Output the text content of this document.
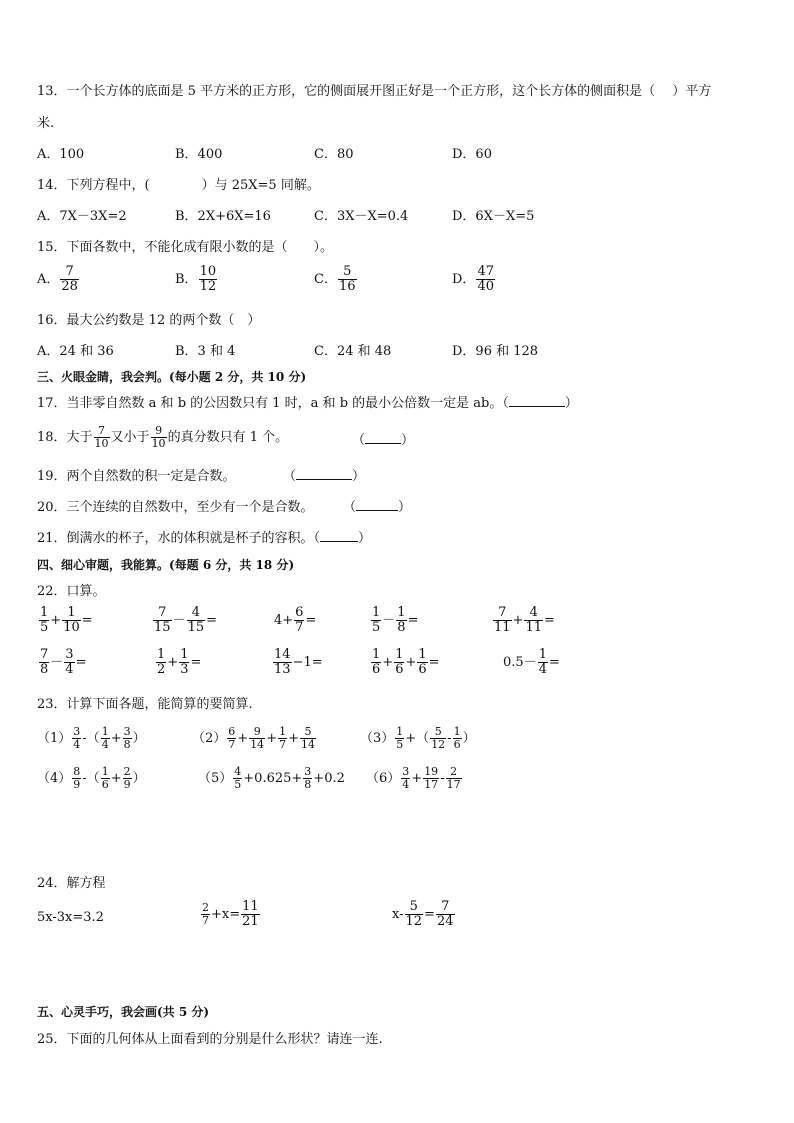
13．一个长方体的底面是 5 平方米的正方形，它的侧面展开图正好是一个正方形，这个长方体的侧面积是（　 ）平方
米.
A．100	B．400	C．80	D．60
14．下列方程中，(　　　　）与 25X=5 同解。
A．7X－3X=2	B．2X+6X=16	C．3X－X=0.4	D．6X－X=5
15．下面各数中，不能化成有限小数的是（　　）。
A． $\frac{7}{28}$	B． $\frac{10}{12}$	C． $\frac{5}{16}$	D． $\frac{47}{40}$
16．最大公约数是 12 的两个数（　）
A．24 和 36	B．3 和 4	C．24 和 48	D．96 和 128
三、火眼金睛，我会判。(每小题 2 分，共 10 分)
17．当非零自然数 a 和 b 的公因数只有 1 时，a 和 b 的最小公倍数一定是 ab。（	）
18．大于 $\frac{7}{10}$ 又小于 $\frac{9}{10}$ 的真分数只有 1 个。	（	）
19．两个自然数的积一定是合数。	（	）
20．三个连续的自然数中，至少有一个是合数。 （	）
21．倒满水的杯子，水的体积就是杯子的容积。（	）
四、细心审题，我能算。(每题 6 分，共 18 分)
22．口算。
$\frac{1}{5} + \frac{1}{10}$ =	$\frac{7}{15} - \frac{4}{15}$ =	$4+ \frac{6}{7}$ =	$\frac{1}{5} - \frac{1}{8}$ =	$\frac{7}{11} + \frac{4}{11}$ =
$\frac{7}{8} - \frac{3}{4}$ =	$\frac{1}{2} + \frac{1}{3}$ =	$\frac{14}{13} -1=$	$\frac{1}{6} + \frac{1}{6} + \frac{1}{6}$ =	$0.5- \frac{1}{4}$ =
23．计算下面各题，能简算的要简算.
$(1) \frac{3}{4}$ -（ $\frac{1}{4} + \frac{3}{8}$ ）	$(2) \frac{6}{7} + \frac{9}{14} + \frac{1}{7} + \frac{5}{14}$	$(3) \frac{1}{5}$ +（ $\frac{5}{12} - \frac{1}{6}$ ）
$(4) \frac{8}{9}$ -（ $\frac{1}{6} + \frac{2}{9}$ ）	$(5) \frac{4}{5} +0.625+ \frac{3}{8} +0.2$ $(6) \frac{3}{4} + \frac{19}{17} - \frac{2}{17}$
24．解方程
5x-3x=3.2	$\frac{2}{7} +x= \frac{11}{21}$	$x- \frac{5}{12} = \frac{7}{24}$
五、心灵手巧，我会画(共 5 分)
25．下面的几何体从上面看到的分别是什么形状？请连一连.
